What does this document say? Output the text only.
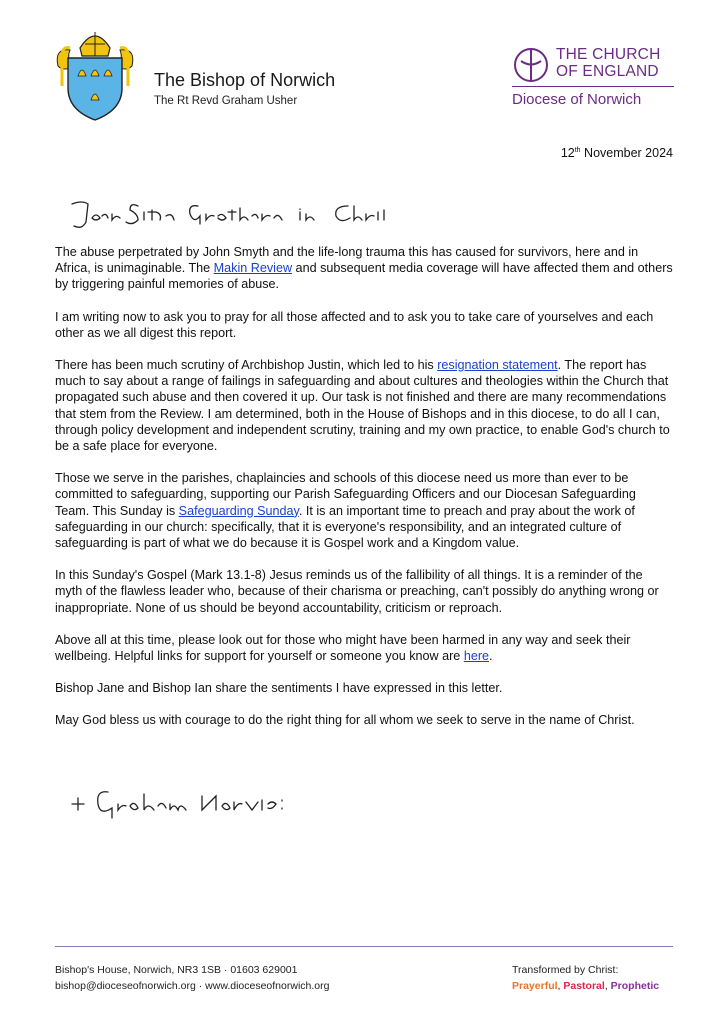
The Bishop of Norwich
The Rt Revd Graham Usher
THE CHURCH
OF ENGLAND
Diocese of Norwich
12th November 2024

The abuse perpetrated by John Smyth and the life-long trauma this has caused for survivors, here and in Africa, is unimaginable. The Makin Review and subsequent media coverage will have affected them and others by triggering painful memories of abuse.

I am writing now to ask you to pray for all those affected and to ask you to take care of yourselves and each other as we all digest this report.

There has been much scrutiny of Archbishop Justin, which led to his resignation statement. The report has much to say about a range of failings in safeguarding and about cultures and theologies within the Church that propagated such abuse and then covered it up. Our task is not finished and there are many recommendations that stem from the Review. I am determined, both in the House of Bishops and in this diocese, to do all I can, through policy development and independent scrutiny, training and my own practice, to enable God's church to be a safe place for everyone.

Those we serve in the parishes, chaplaincies and schools of this diocese need us more than ever to be committed to safeguarding, supporting our Parish Safeguarding Officers and our Diocesan Safeguarding Team. This Sunday is Safeguarding Sunday. It is an important time to preach and pray about the work of safeguarding in our church: specifically, that it is everyone's responsibility, and an integrated culture of safeguarding is part of what we do because it is Gospel work and a Kingdom value.

In this Sunday's Gospel (Mark 13.1-8) Jesus reminds us of the fallibility of all things. It is a reminder of the myth of the flawless leader who, because of their charisma or preaching, can't possibly do anything wrong or inappropriate. None of us should be beyond accountability, criticism or reproach.

Above all at this time, please look out for those who might have been harmed in any way and seek their wellbeing. Helpful links for support for yourself or someone you know are here.

Bishop Jane and Bishop Ian share the sentiments I have expressed in this letter.

May God bless us with courage to do the right thing for all whom we seek to serve in the name of Christ.

Bishop's House, Norwich, NR3 1SB · 01603 629001
bishop@dioceseofnorwich.org · www.dioceseofnorwich.org
Transformed by Christ:
Prayerful, Pastoral, Prophetic
